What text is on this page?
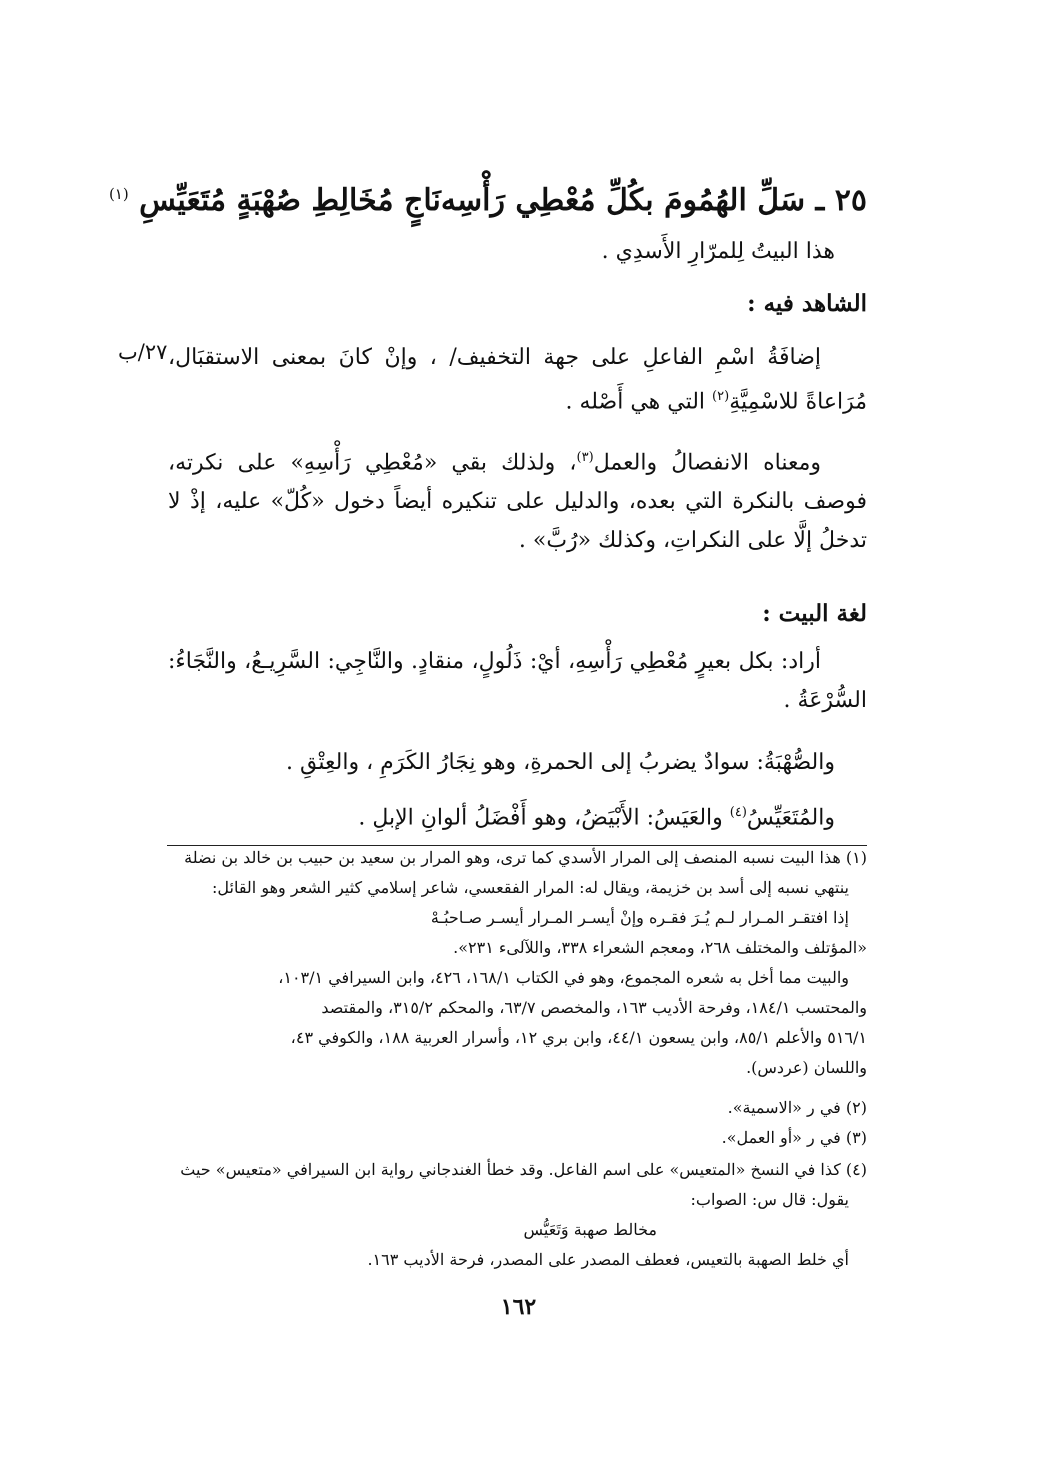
٢٥ ـ سَلِّ الهُمُومَ بكُلِّ مُعْطِي رَأْسِه
نَاجٍ مُخَالِطِ صُهْبَةٍ مُتَعَيِّسِ $^{(١)}$
هذا البيتُ لِلمرّارِ الأَسدِي .
الشاهد فيه :
٢٧/ب إضافَةُ اسْمِ الفاعلِ على جهة التخفيف/ ، وإنْ كانَ بمعنى الاستقبَال، مُرَاعاةً للاسْمِيَّةِ$^{(٢)}$ التي هي أَصْله .
ومعناه الانفصالُ والعمل$^{(٣)}$، ولذلك بقي «مُعْطِي رَأْسِهِ» على نكرته، فوصف بالنكرة التي بعده، والدليل على تنكيره أيضاً دخول «كُلّ» عليه، إذْ لا تدخلُ إلَّا على النكراتِ، وكذلك «رُبَّ» .
لغة البيت :
أراد: بكل بعيرٍ مُعْطِي رَأْسِهِ، أيْ: ذَلُولٍ، منقادٍ. والنَّاجِي: السَّرِيـعُ، والنَّجَاءُ: السُّرْعَةُ .
والصُّهْبَةُ: سوادٌ يضربُ إلى الحمرةِ، وهو نِجَارُ الكَرَمِ ، والعِتْقِ .
والمُتَعَيِّسُ$^{(٤)}$ والعَيَسُ: الأَبْيَضُ، وهو أَفْضَلُ ألوانِ الإبلِ .
(١) هذا البيت نسبه المنصف إلى المرار الأسدي كما ترى، وهو المرار بن سعيد بن حبيب بن خالد بن نضلة
ينتهي نسبه إلى أسد بن خزيمة، ويقال له: المرار الفقعسي، شاعر إسلامي كثير الشعر وهو القائل:
إذا افتقـر المـرار لـم يُـرَ فقـره وإنْ أيسـر المـرار أيسـر صـاحبُـهْ
«المؤتلف والمختلف ٢٦٨، ومعجم الشعراء ٣٣٨، واللآلىء ٢٣١».
والبيت مما أخل به شعره المجموع، وهو في الكتاب ١٦٨/١، ٤٢٦، وابن السيرافي ١٠٣/١،
والمحتسب ١٨٤/١، وفرحة الأديب ١٦٣، والمخصص ٦٣/٧، والمحكم ٣١٥/٢، والمقتصد
٥١٦/١ والأعلم ٨٥/١، وابن يسعون ٤٤/١، وابن بري ١٢، وأسرار العربية ١٨٨، والكوفي ٤٣،
واللسان (عردس).
(٢) في ر «الاسمية».
(٣) في ر «أو العمل».
(٤) كذا في النسخ «المتعيس» على اسم الفاعل. وقد خطأ الغندجاني رواية ابن السيرافي «متعيس» حيث
يقول: قال س: الصواب:
مخالط صهبة وَتَعَيُّس
أي خلط الصهبة بالتعيس، فعطف المصدر على المصدر، فرحة الأديب ١٦٣.
١٦٢
